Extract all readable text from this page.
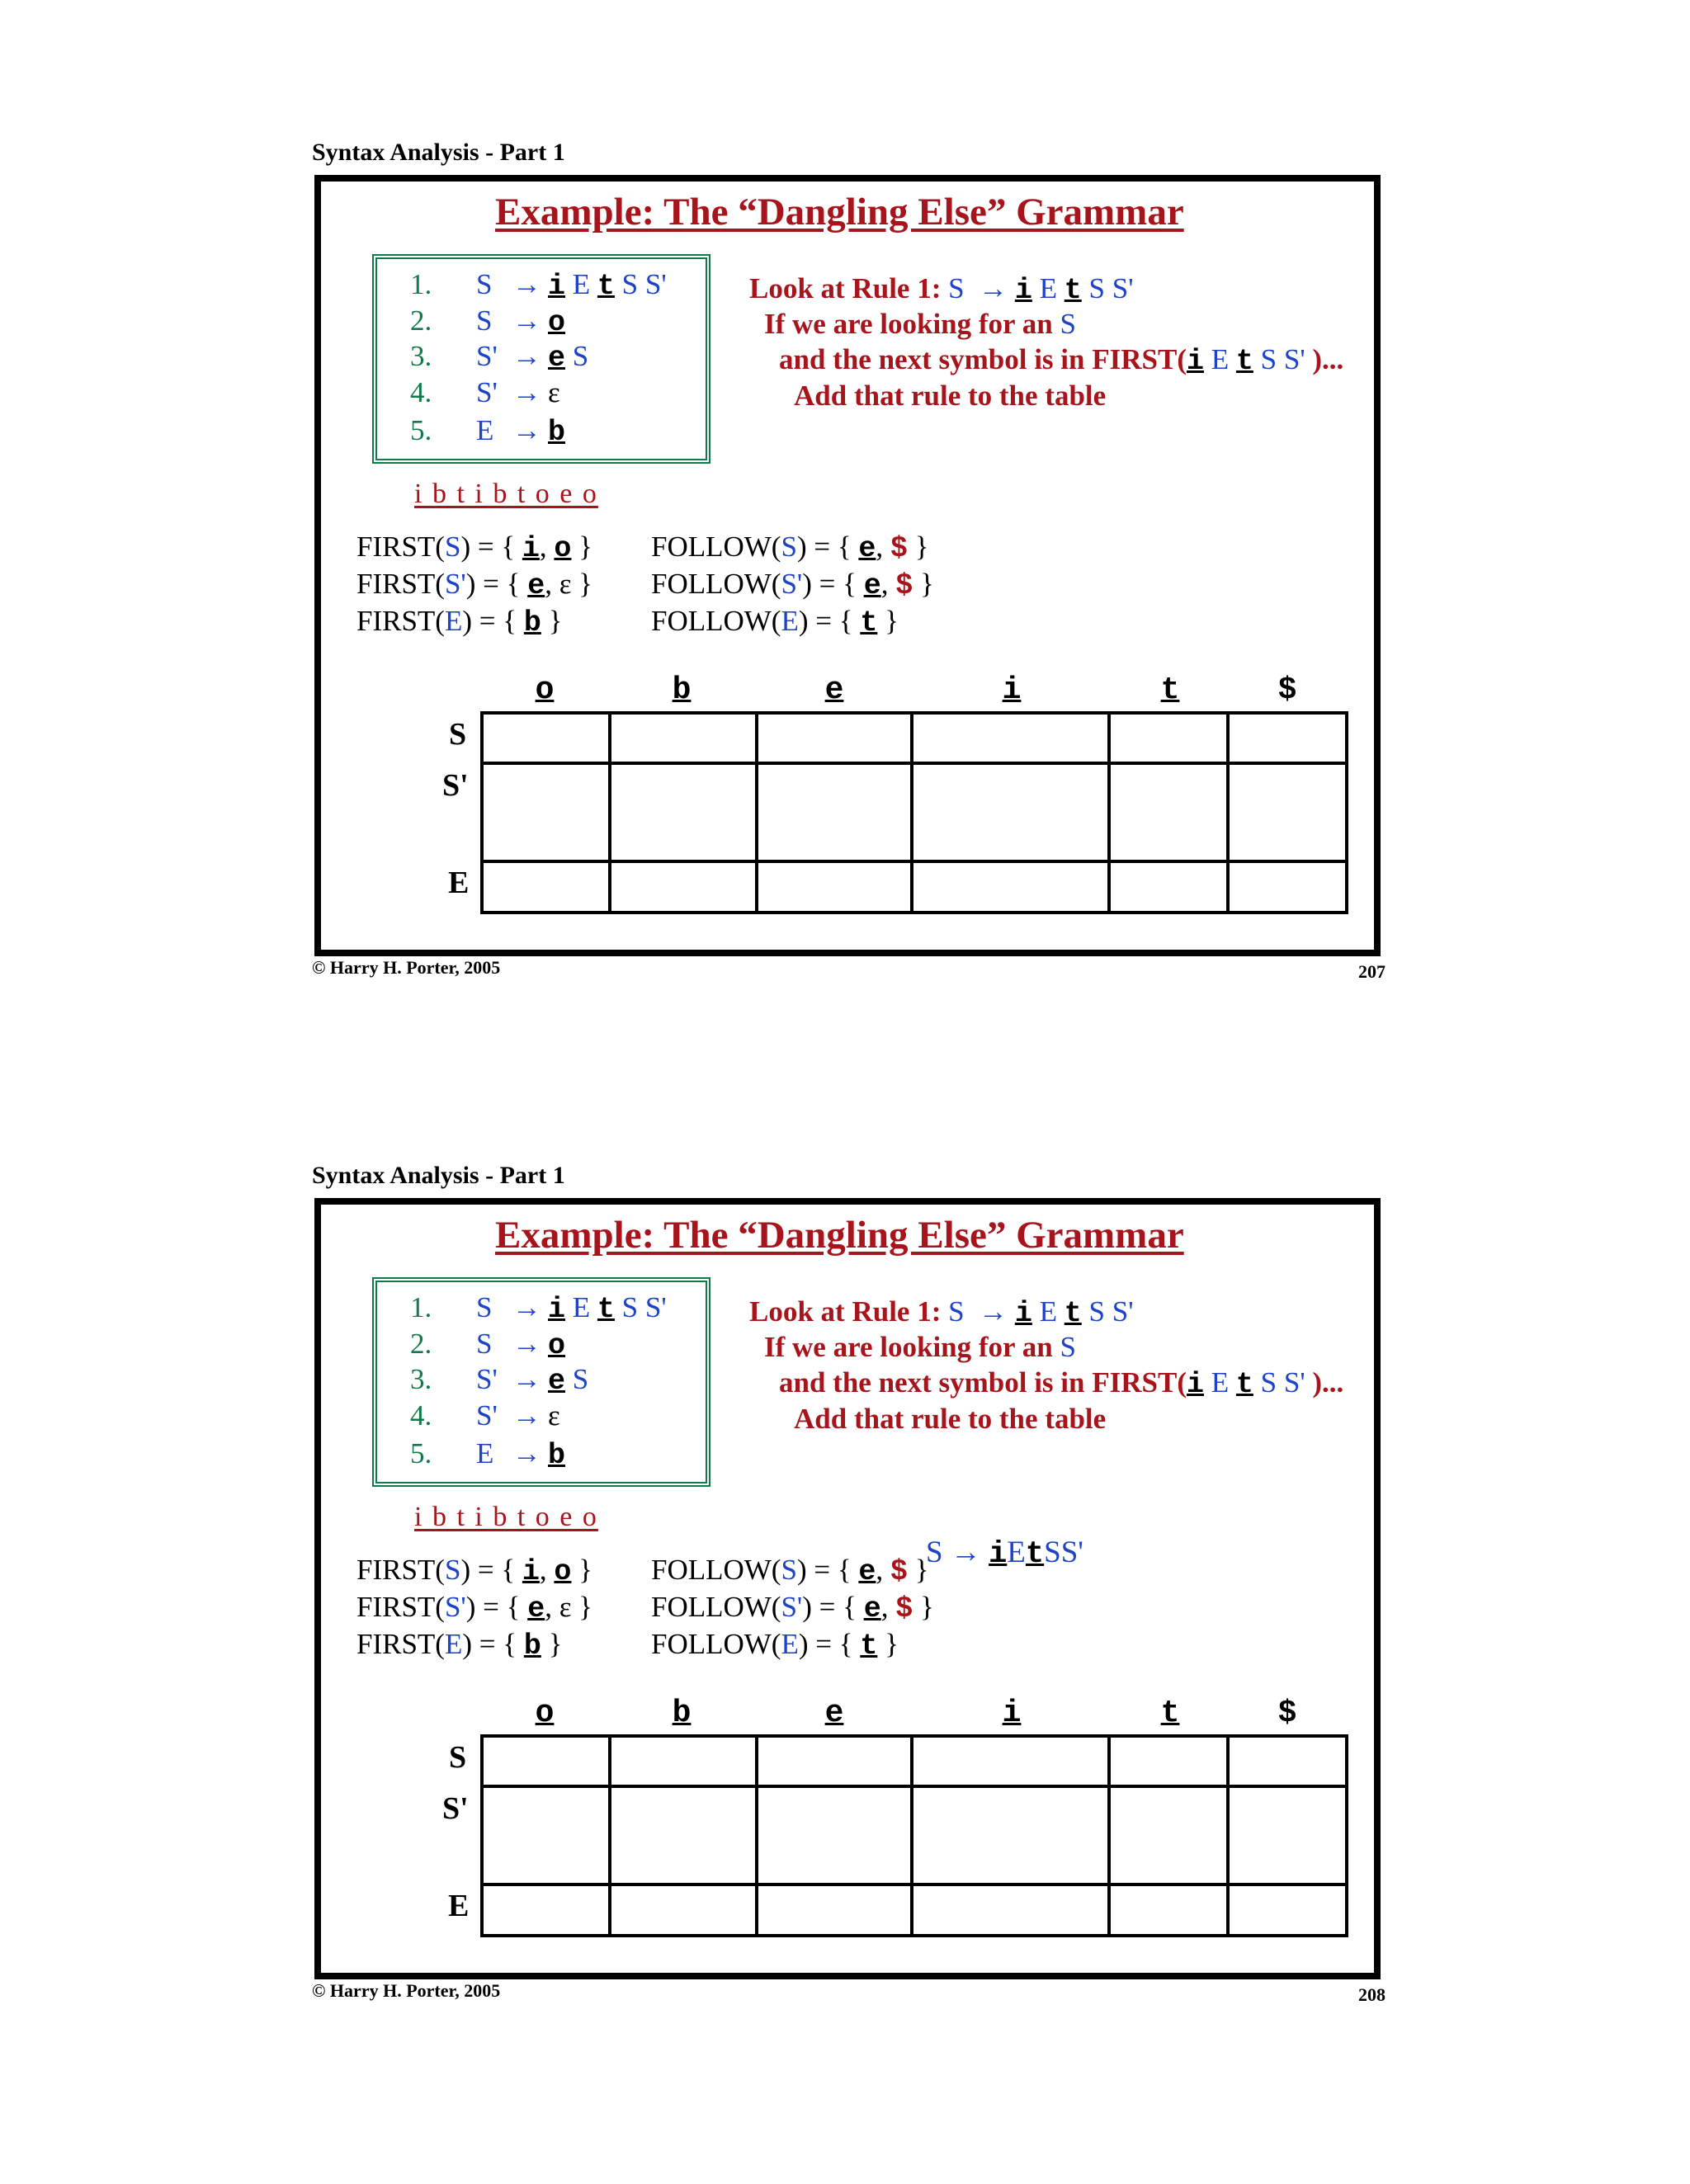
Syntax Analysis - Part 1
Example: The “Dangling Else” Grammar
1. S → i E t S S'
2. S → o
3. S' → e S
4. S' → ε
5. E → b
Look at Rule 1: S → i E t S S'
If we are looking for an S
and the next symbol is in FIRST(i E t S S' )...
Add that rule to the table
i b t i b t o e o
FIRST(S) = { i, o }
FIRST(S') = { e, ε }
FIRST(E) = { b }
FOLLOW(S) = { e, $ }
FOLLOW(S') = { e, $ }
FOLLOW(E) = { t }
o	b	e	i	t	$
S
S'
E
© Harry H. Porter, 2005	207
Syntax Analysis - Part 1
Example: The “Dangling Else” Grammar
1. S → i E t S S'
2. S → o
3. S' → e S
4. S' → ε
5. E → b
Look at Rule 1: S → i E t S S'
If we are looking for an S
and the next symbol is in FIRST(i E t S S' )...
Add that rule to the table
i b t i b t o e o
FIRST(S) = { i, o }
FIRST(S') = { e, ε }
FIRST(E) = { b }
FOLLOW(S) = { e, $ }
FOLLOW(S') = { e, $ }
FOLLOW(E) = { t }
o	b	e	i	t	$
S
S'
E
© Harry H. Porter, 2005	208
S → iEtSS'
